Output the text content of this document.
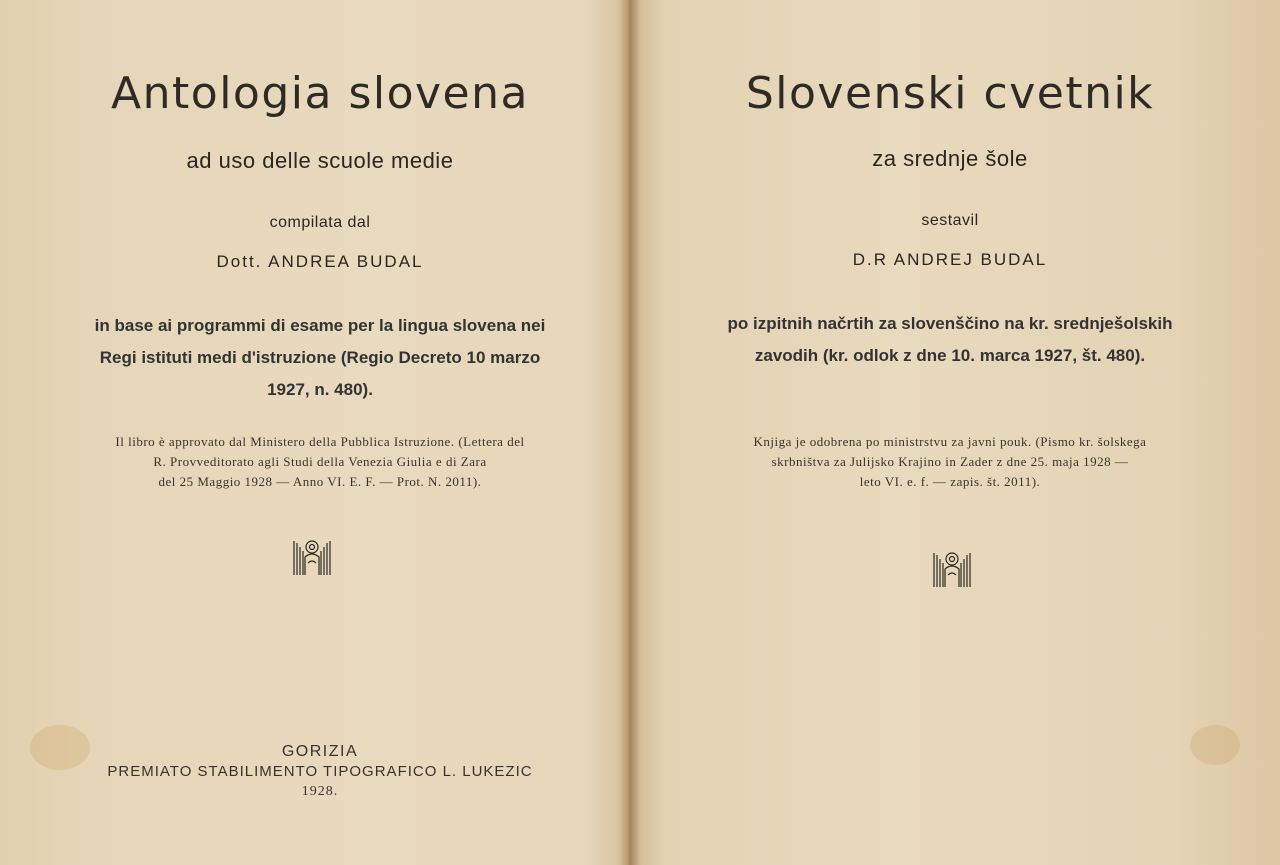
Antologia slovena
ad uso delle scuole medie
compilata dal
Dott. ANDREA BUDAL
in base ai programmi di esame per la lingua slovena nei
Regi istituti medi d'istruzione (Regio Decreto 10 marzo
1927, n. 480).
Il libro è approvato dal Ministero della Pubblica Istruzione. (Lettera del
R. Provveditorato agli Studi della Venezia Giulia e di Zara
del 25 Maggio 1928 — Anno VI. E. F. — Prot. N. 2011).
GORIZIA
PREMIATO STABILIMENTO TIPOGRAFICO L. LUKEZIC
1928.
Slovenski cvetnik
za srednje šole
sestavil
D.R ANDREJ BUDAL
po izpitnih načrtih za slovenščino na kr. srednješolskih
zavodih (kr. odlok z dne 10. marca 1927, št. 480).
Knjiga je odobrena po ministrstvu za javni pouk. (Pismo kr. šolskega
skrbništva za Julijsko Krajino in Zader z dne 25. maja 1928 —
leto VI. e. f. — zapis. št. 2011).
